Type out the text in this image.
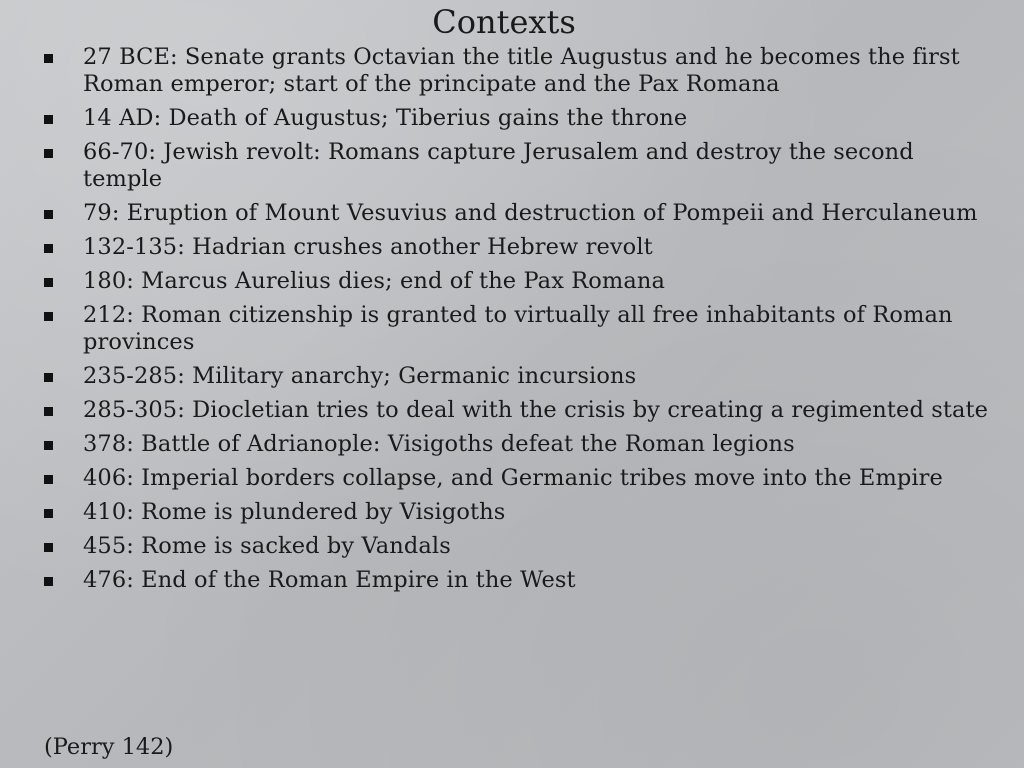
Contexts
27 BCE: Senate grants Octavian the title Augustus and he becomes the first Roman emperor; start of the principate and the Pax Romana
14 AD: Death of Augustus; Tiberius gains the throne
66-70: Jewish revolt: Romans capture Jerusalem and destroy the second temple
79: Eruption of Mount Vesuvius and destruction of Pompeii and Herculaneum
132-135: Hadrian crushes another Hebrew revolt
180: Marcus Aurelius dies; end of the Pax Romana
212: Roman citizenship is granted to virtually all free inhabitants of Roman provinces
235-285: Military anarchy; Germanic incursions
285-305: Diocletian tries to deal with the crisis by creating a regimented state
378: Battle of Adrianople: Visigoths defeat the Roman legions
406: Imperial borders collapse, and Germanic tribes move into the Empire
410: Rome is plundered by Visigoths
455: Rome is sacked by Vandals
476: End of the Roman Empire in the West

(Perry 142)
